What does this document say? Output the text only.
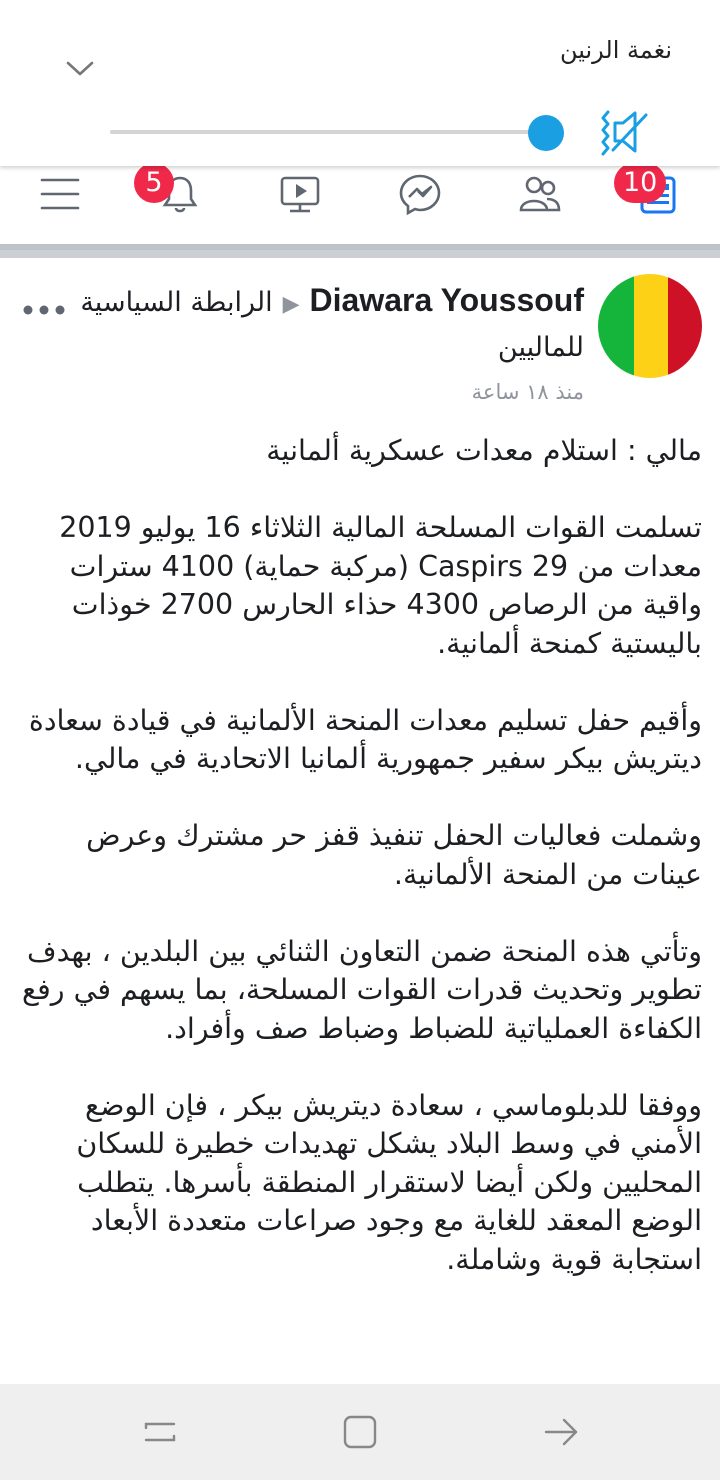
نغمة الرنين
10
5
Diawara Youssouf▶الرابطة السياسية
للماليين
منذ ١٨ ساعة

مالي : استلام معدات عسكرية ألمانية

تسلمت القوات المسلحة المالية الثلاثاء 16 يوليو 2019 معدات من 29 Caspirs (مركبة حماية) 4100 سترات واقية من الرصاص 4300 حذاء الحارس 2700 خوذات باليستية كمنحة ألمانية.

وأقيم حفل تسليم معدات المنحة الألمانية في قيادة سعادة ديتريش بيكر سفير جمهورية ألمانيا الاتحادية في مالي.

وشملت فعاليات الحفل تنفيذ قفز حر مشترك وعرض عينات من المنحة الألمانية.

وتأتي هذه المنحة ضمن التعاون الثنائي بين البلدين ، بهدف تطوير وتحديث قدرات القوات المسلحة، بما يسهم في رفع الكفاءة العملياتية للضباط وضباط صف وأفراد.

ووفقا للدبلوماسي ، سعادة ديتريش بيكر ، فإن الوضع الأمني في وسط البلاد يشكل تهديدات خطيرة للسكان المحليين ولكن أيضا لاستقرار المنطقة بأسرها. يتطلب الوضع المعقد للغاية مع وجود صراعات متعددة الأبعاد استجابة قوية وشاملة.
